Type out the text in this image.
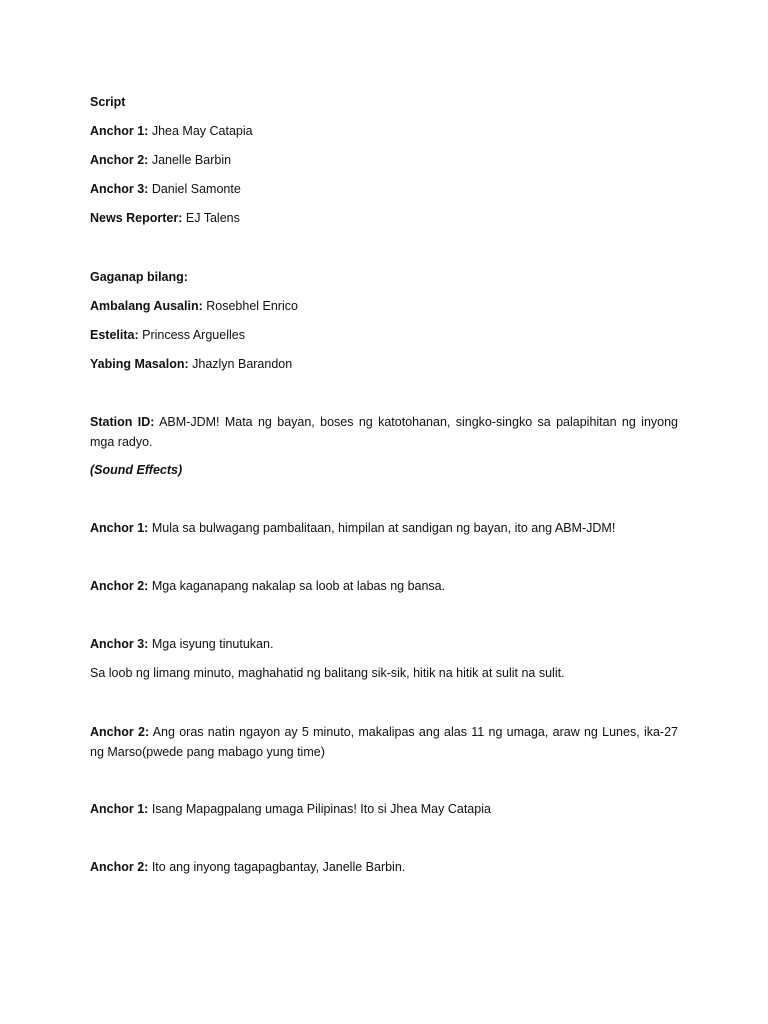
Script
Anchor 1: Jhea May Catapia
Anchor 2: Janelle Barbin
Anchor 3: Daniel Samonte
News Reporter: EJ Talens
Gaganap bilang:
Ambalang Ausalin: Rosebhel Enrico
Estelita: Princess Arguelles
Yabing Masalon: Jhazlyn Barandon
Station ID: ABM-JDM! Mata ng bayan, boses ng katotohanan, singko-singko sa palapihitan ng inyong mga radyo.
(Sound Effects)
Anchor 1: Mula sa bulwagang pambalitaan, himpilan at sandigan ng bayan, ito ang ABM-JDM!
Anchor 2: Mga kaganapang nakalap sa loob at labas ng bansa.
Anchor 3: Mga isyung tinutukan.
Sa loob ng limang minuto, maghahatid ng balitang sik-sik, hitik na hitik at sulit na sulit.
Anchor 2: Ang oras natin ngayon ay 5 minuto, makalipas ang alas 11 ng umaga, araw ng Lunes, ika-27 ng Marso(pwede pang mabago yung time)
Anchor 1: Isang Mapagpalang umaga Pilipinas! Ito si Jhea May Catapia
Anchor 2: Ito ang inyong tagapagbantay, Janelle Barbin.
